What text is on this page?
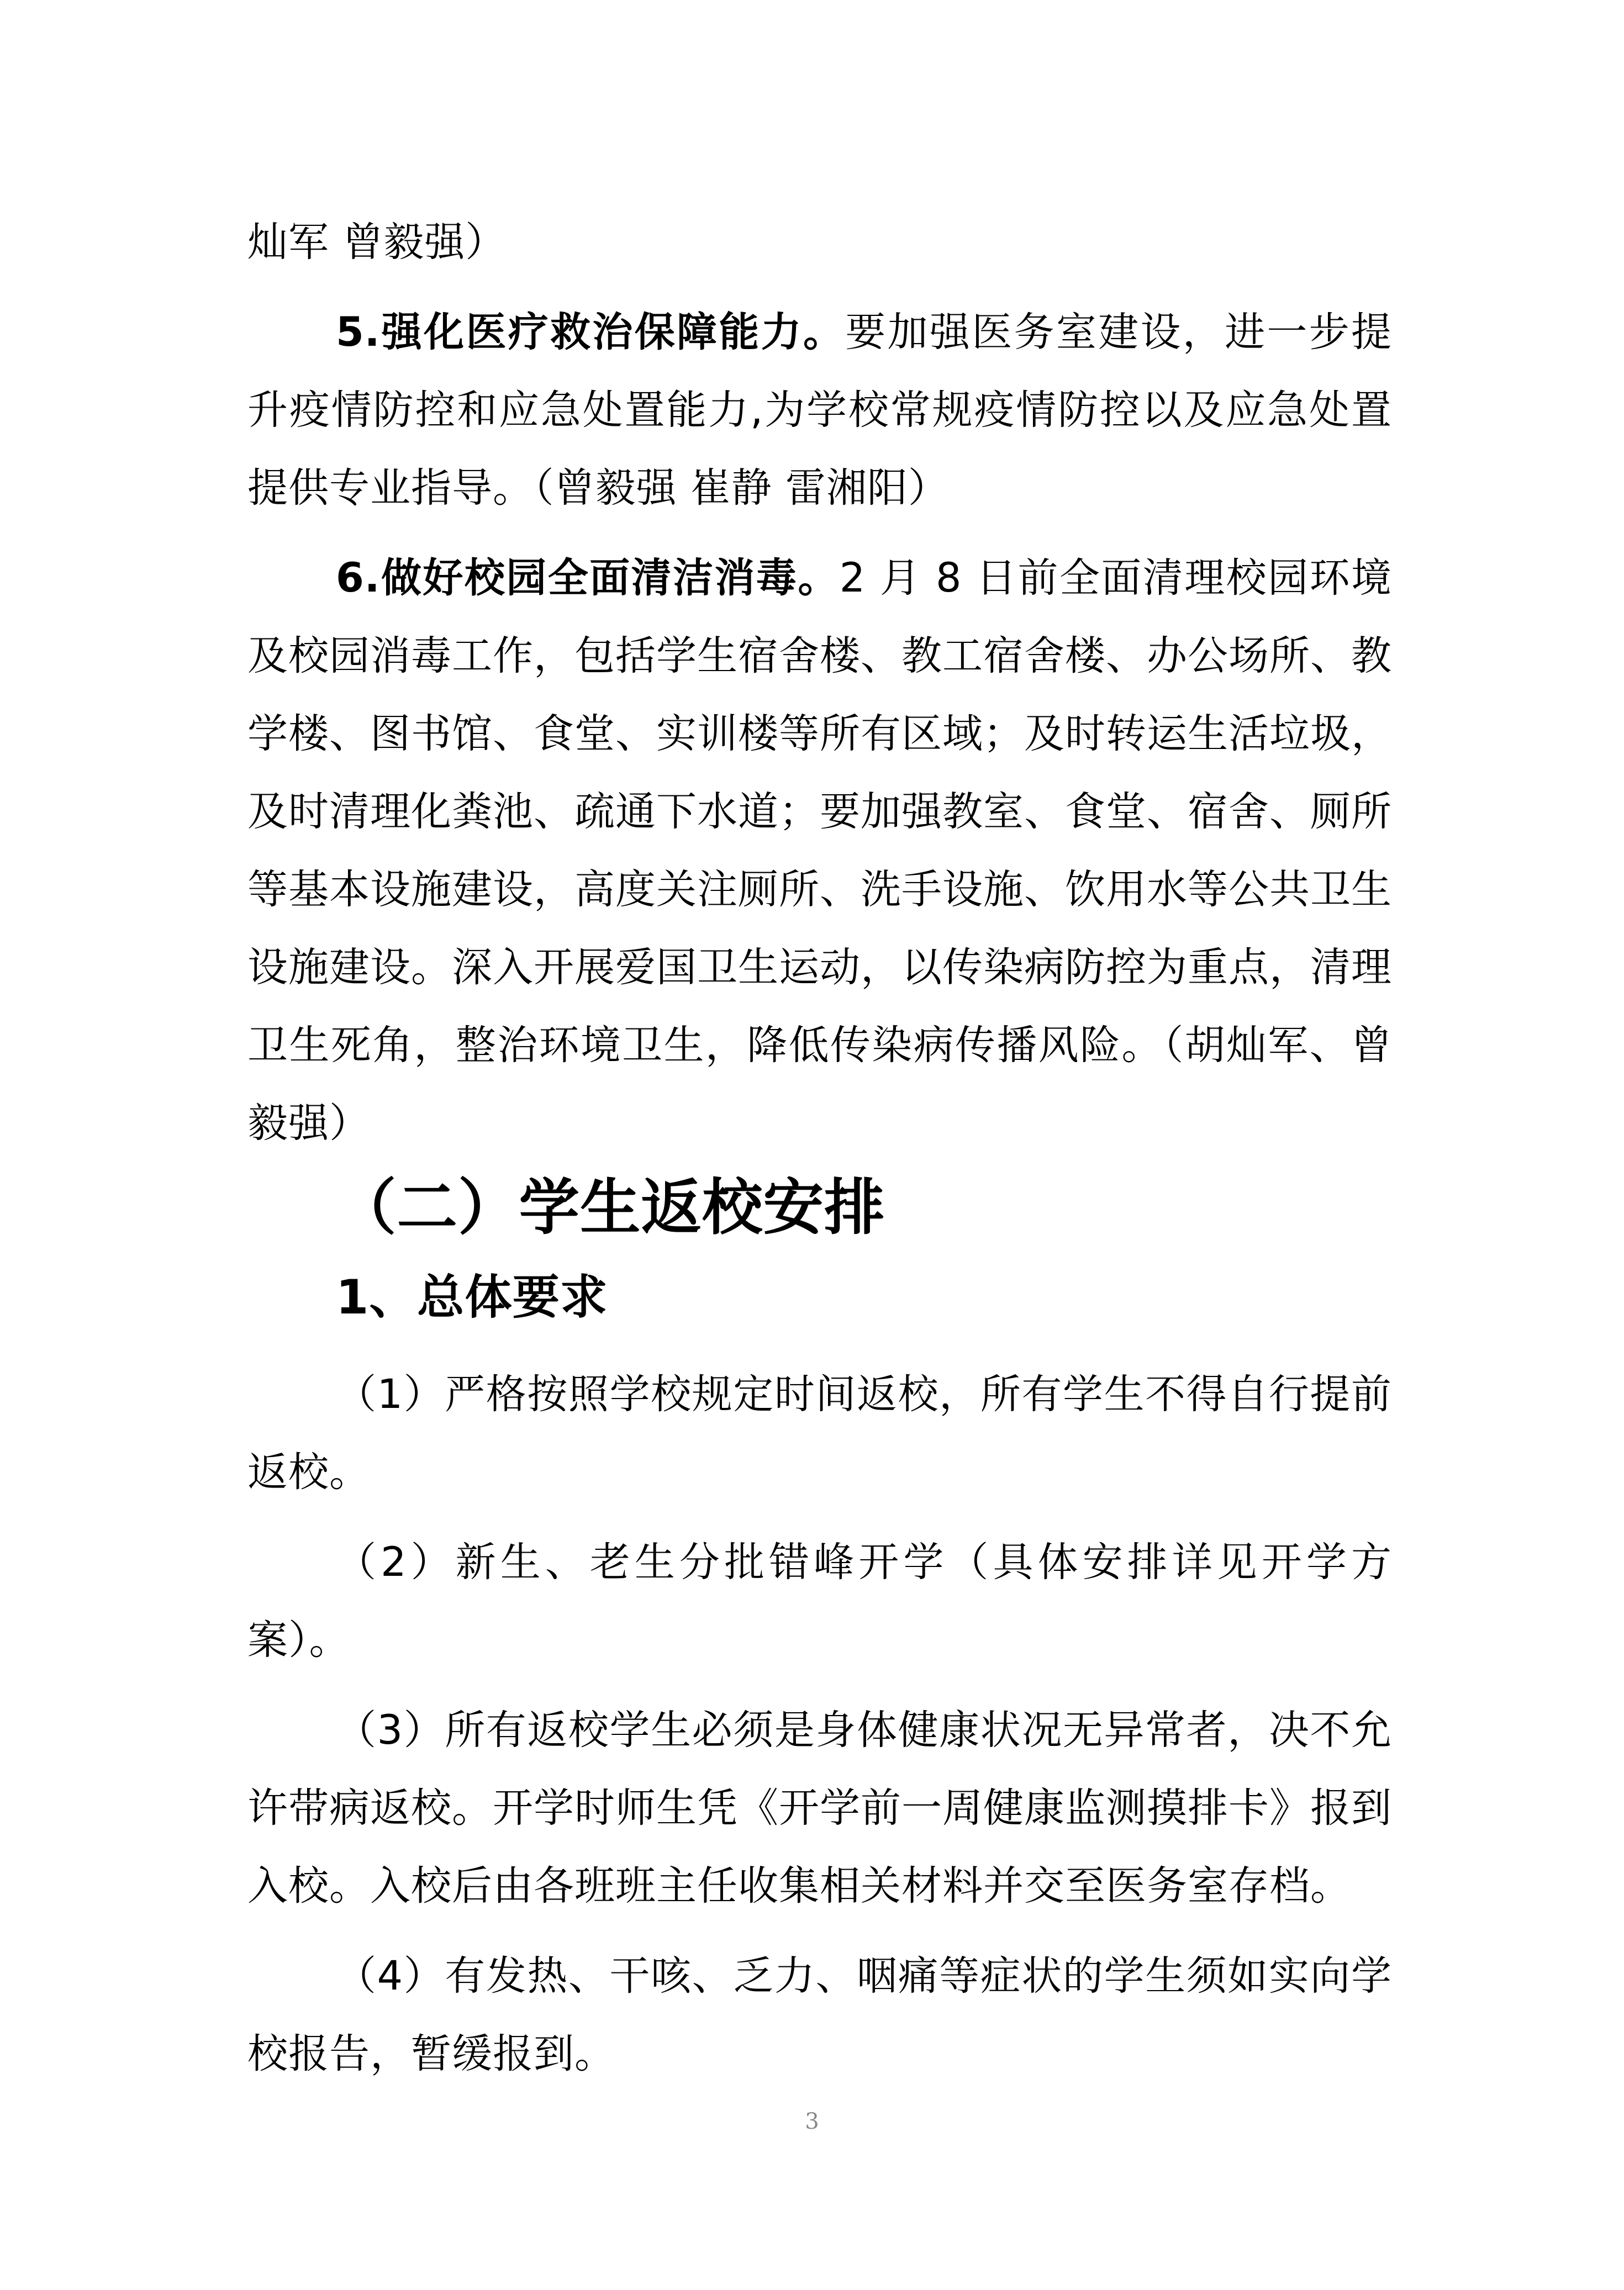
灿军 曾毅强）

5.强化医疗救治保障能力。要加强医务室建设，进一步提升疫情防控和应急处置能力,为学校常规疫情防控以及应急处置提供专业指导。（曾毅强 崔静 雷湘阳）

6.做好校园全面清洁消毒。2 月 8 日前全面清理校园环境及校园消毒工作，包括学生宿舍楼、教工宿舍楼、办公场所、教学楼、图书馆、食堂、实训楼等所有区域；及时转运生活垃圾，及时清理化粪池、疏通下水道；要加强教室、食堂、宿舍、厕所等基本设施建设，高度关注厕所、洗手设施、饮用水等公共卫生设施建设。深入开展爱国卫生运动，以传染病防控为重点，清理卫生死角，整治环境卫生，降低传染病传播风险。（胡灿军、曾毅强）

（二）学生返校安排
1、总体要求

（1）严格按照学校规定时间返校，所有学生不得自行提前返校。

（2）新生、老生分批错峰开学（具体安排详见开学方案）。

（3）所有返校学生必须是身体健康状况无异常者，决不允许带病返校。开学时师生凭《开学前一周健康监测摸排卡》报到入校。入校后由各班班主任收集相关材料并交至医务室存档。

（4）有发热、干咳、乏力、咽痛等症状的学生须如实向学校报告，暂缓报到。

3
